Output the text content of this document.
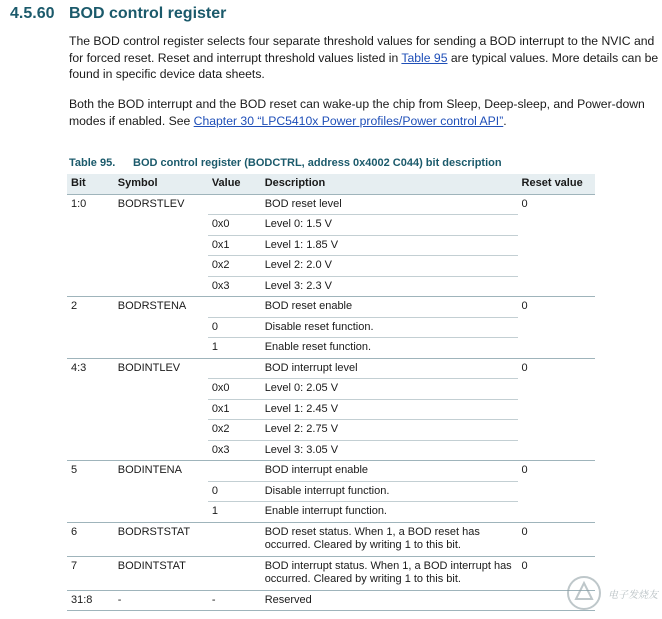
4.5.60 BOD control register

The BOD control register selects four separate threshold values for sending a BOD interrupt to the NVIC and for forced reset. Reset and interrupt threshold values listed in Table 95 are typical values. More details can be found in specific device data sheets.

Both the BOD interrupt and the BOD reset can wake-up the chip from Sleep, Deep-sleep, and Power-down modes if enabled. See Chapter 30 “LPC5410x Power profiles/Power control API”.

Table 95. BOD control register (BODCTRL, address 0x4002 C044) bit description
Bit	Symbol	Value	Description	Reset value
1:0	BODRSTLEV		BOD reset level	0
		0x0	Level 0: 1.5 V	
		0x1	Level 1: 1.85 V	
		0x2	Level 2: 2.0 V	
		0x3	Level 3: 2.3 V	
2	BODRSTENA		BOD reset enable	0
		0	Disable reset function.	
		1	Enable reset function.	
4:3	BODINTLEV		BOD interrupt level	0
		0x0	Level 0: 2.05 V	
		0x1	Level 1: 2.45 V	
		0x2	Level 2: 2.75 V	
		0x3	Level 3: 3.05 V	
5	BODINTENA		BOD interrupt enable	0
		0	Disable interrupt function.	
		1	Enable interrupt function.	
6	BODRSTSTAT		BOD reset status. When 1, a BOD reset has occurred. Cleared by writing 1 to this bit.	0
7	BODINTSTAT		BOD interrupt status. When 1, a BOD interrupt has occurred. Cleared by writing 1 to this bit.	0
31:8	-	-	Reserved		电子发烧友
